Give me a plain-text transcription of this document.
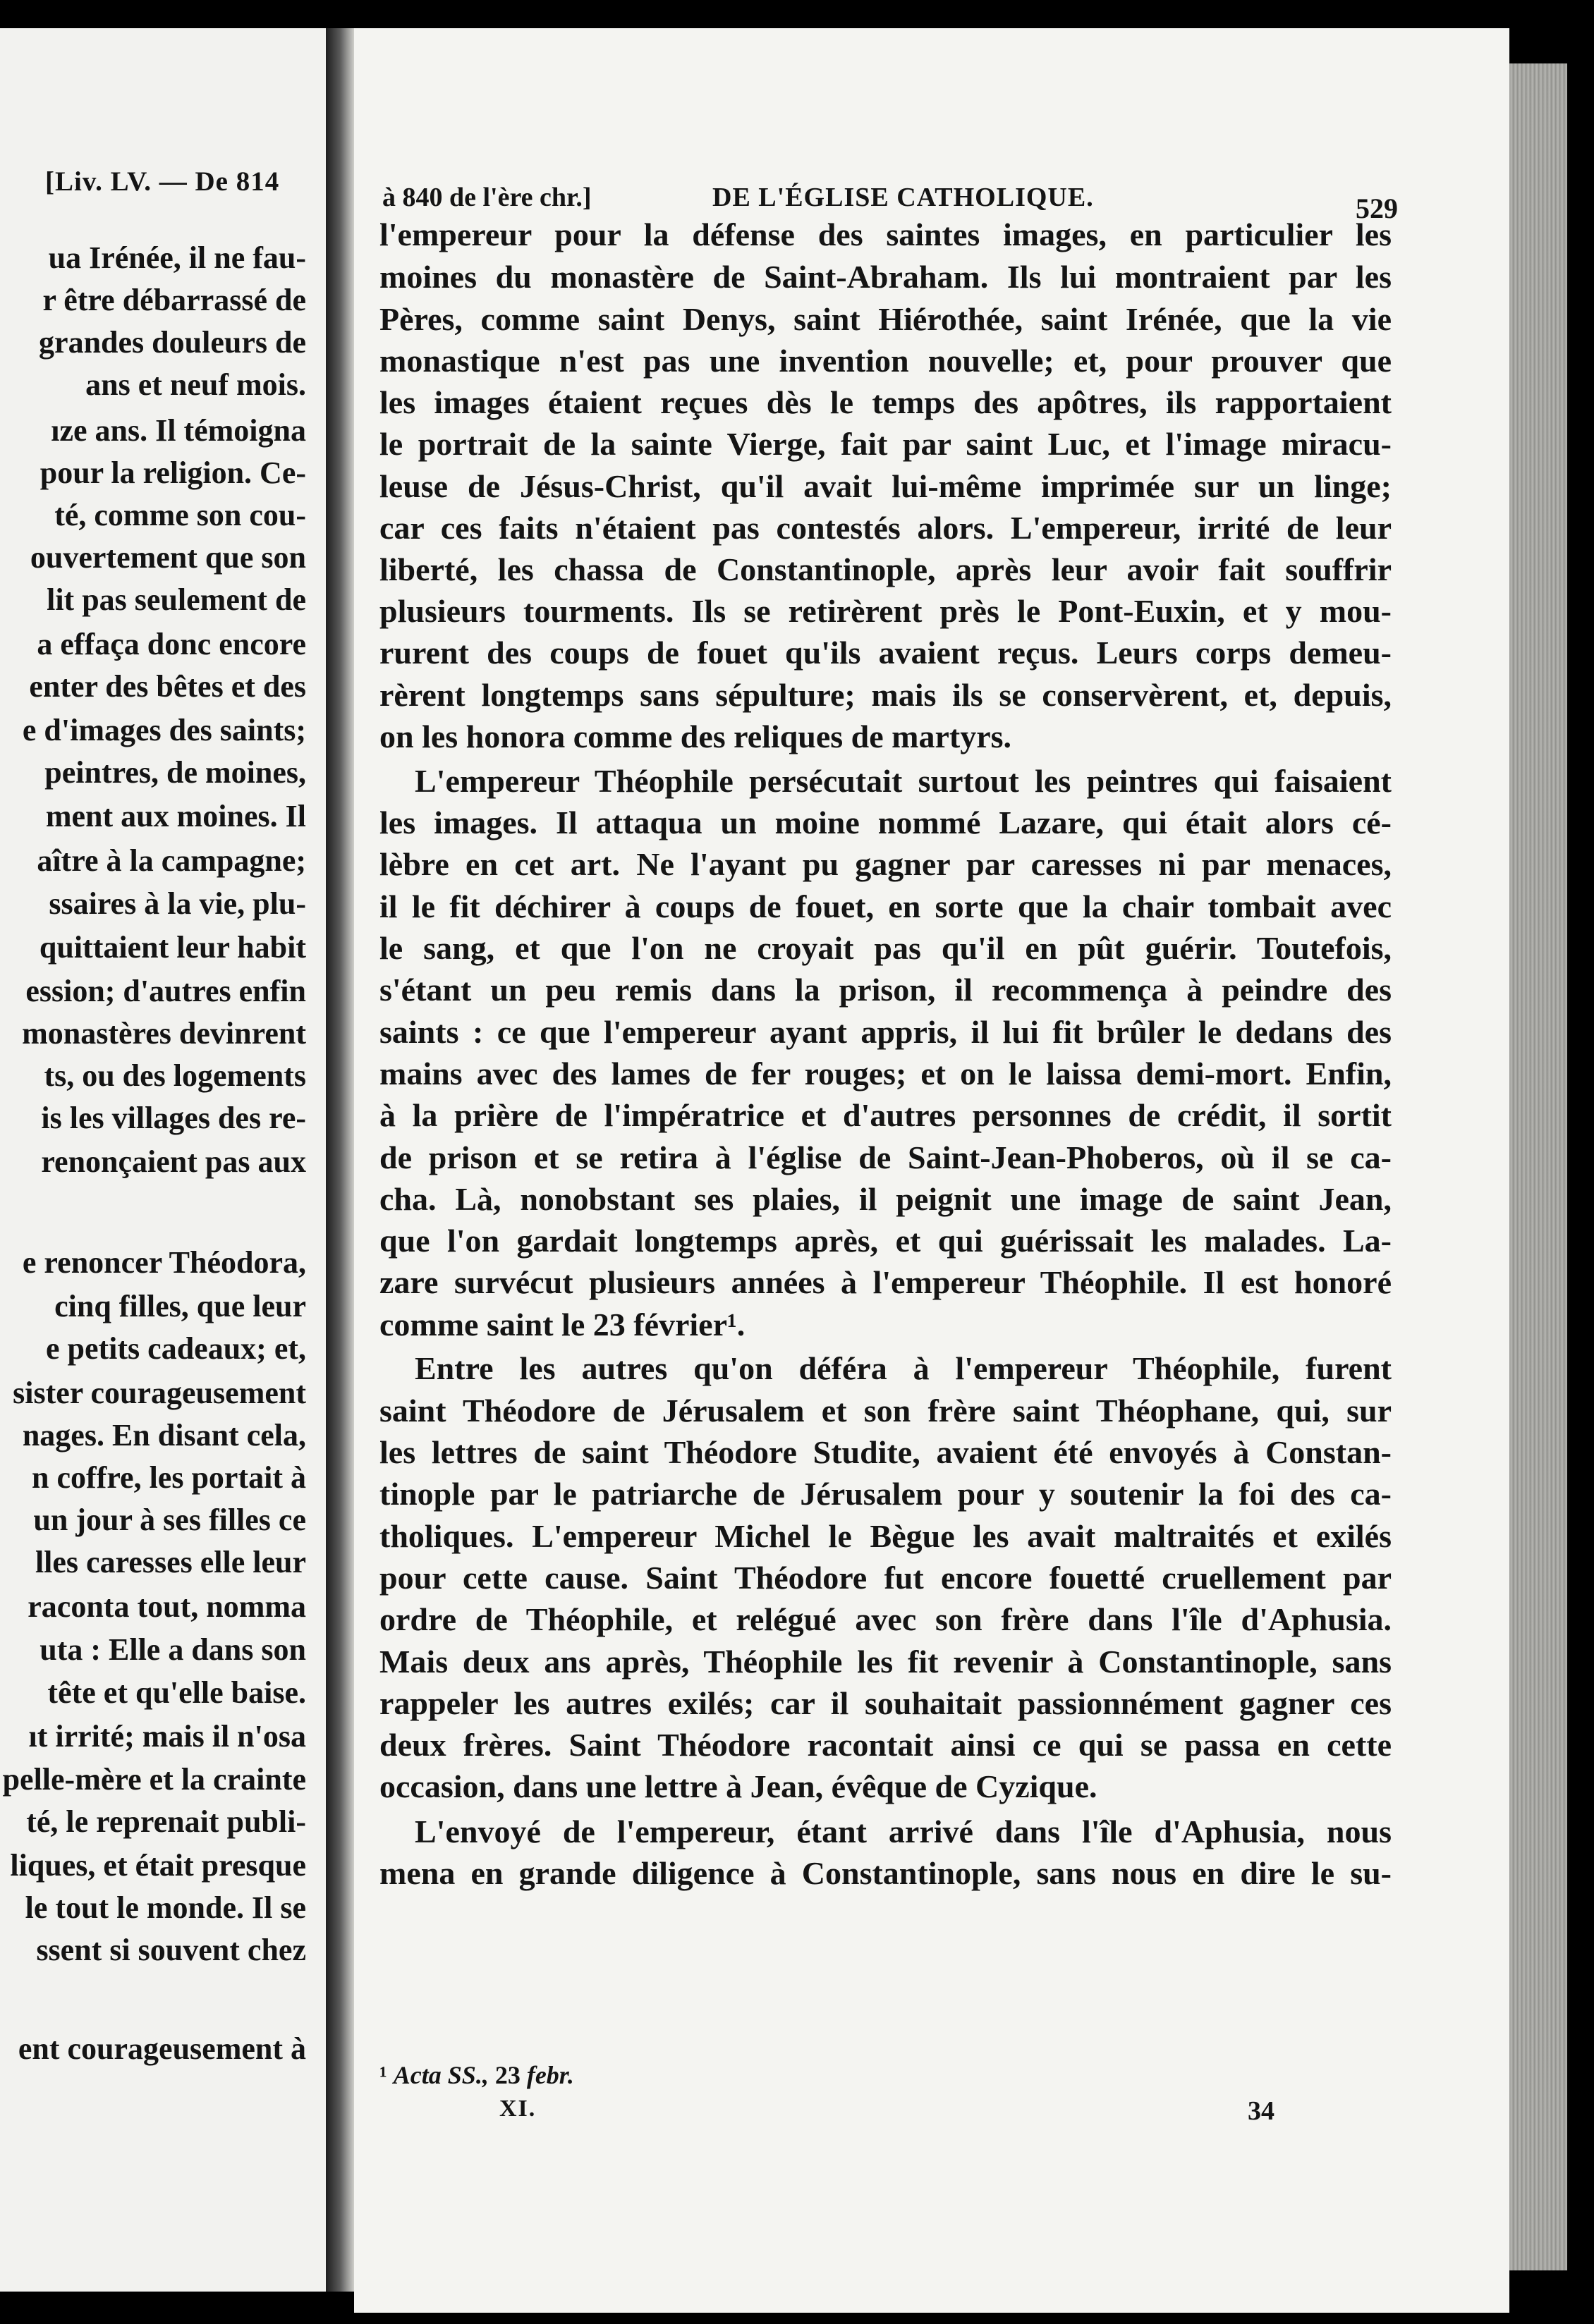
[Liv. LV. — De 814
ua Irénée, il ne fau-
r être débarrassé de
grandes douleurs de
ans et neuf mois.
ıze ans. Il témoigna
pour la religion. Ce-
té, comme son cou-
ouvertement que son
lit pas seulement de
a effaça donc encore
enter des bêtes et des
e d'images des saints;
peintres, de moines,
ment aux moines. Il
aître à la campagne;
ssaires à la vie, plu-
quittaient leur habit
ession; d'autres enfin
monastères devinrent
ts, ou des logements
is les villages des re-
renonçaient pas aux
e renoncer Théodora,
cinq filles, que leur
e petits cadeaux; et,
sister courageusement
nages. En disant cela,
n coffre, les portait à
un jour à ses filles ce
lles caresses elle leur
raconta tout, nomma
uta : Elle a dans son
tête et qu'elle baise.
ıt irrité; mais il n'osa
pelle-mère et la crainte
té, le reprenait publi-
liques, et était presque
le tout le monde. Il se
ssent si souvent chez
ent courageusement à
à 840 de l'ère chr.]	DE L'ÉGLISE CATHOLIQUE.	529
l'empereur pour la défense des saintes images, en particulier les
moines du monastère de Saint-Abraham. Ils lui montraient par les
Pères, comme saint Denys, saint Hiérothée, saint Irénée, que la vie
monastique n'est pas une invention nouvelle; et, pour prouver que
les images étaient reçues dès le temps des apôtres, ils rapportaient
le portrait de la sainte Vierge, fait par saint Luc, et l'image miracu-
leuse de Jésus-Christ, qu'il avait lui-même imprimée sur un linge;
car ces faits n'étaient pas contestés alors. L'empereur, irrité de leur
liberté, les chassa de Constantinople, après leur avoir fait souffrir
plusieurs tourments. Ils se retirèrent près le Pont-Euxin, et y mou-
rurent des coups de fouet qu'ils avaient reçus. Leurs corps demeu-
rèrent longtemps sans sépulture; mais ils se conservèrent, et, depuis,
on les honora comme des reliques de martyrs.
L'empereur Théophile persécutait surtout les peintres qui faisaient
les images. Il attaqua un moine nommé Lazare, qui était alors cé-
lèbre en cet art. Ne l'ayant pu gagner par caresses ni par menaces,
il le fit déchirer à coups de fouet, en sorte que la chair tombait avec
le sang, et que l'on ne croyait pas qu'il en pût guérir. Toutefois,
s'étant un peu remis dans la prison, il recommença à peindre des
saints : ce que l'empereur ayant appris, il lui fit brûler le dedans des
mains avec des lames de fer rouges; et on le laissa demi-mort. Enfin,
à la prière de l'impératrice et d'autres personnes de crédit, il sortit
de prison et se retira à l'église de Saint-Jean-Phoberos, où il se ca-
cha. Là, nonobstant ses plaies, il peignit une image de saint Jean,
que l'on gardait longtemps après, et qui guérissait les malades. La-
zare survécut plusieurs années à l'empereur Théophile. Il est honoré
comme saint le 23 février¹.
Entre les autres qu'on déféra à l'empereur Théophile, furent
saint Théodore de Jérusalem et son frère saint Théophane, qui, sur
les lettres de saint Théodore Studite, avaient été envoyés à Constan-
tinople par le patriarche de Jérusalem pour y soutenir la foi des ca-
tholiques. L'empereur Michel le Bègue les avait maltraités et exilés
pour cette cause. Saint Théodore fut encore fouetté cruellement par
ordre de Théophile, et relégué avec son frère dans l'île d'Aphusia.
Mais deux ans après, Théophile les fit revenir à Constantinople, sans
rappeler les autres exilés; car il souhaitait passionnément gagner ces
deux frères. Saint Théodore racontait ainsi ce qui se passa en cette
occasion, dans une lettre à Jean, évêque de Cyzique.
L'envoyé de l'empereur, étant arrivé dans l'île d'Aphusia, nous
mena en grande diligence à Constantinople, sans nous en dire le su-
¹ Acta SS., 23 febr.
XI.	34
